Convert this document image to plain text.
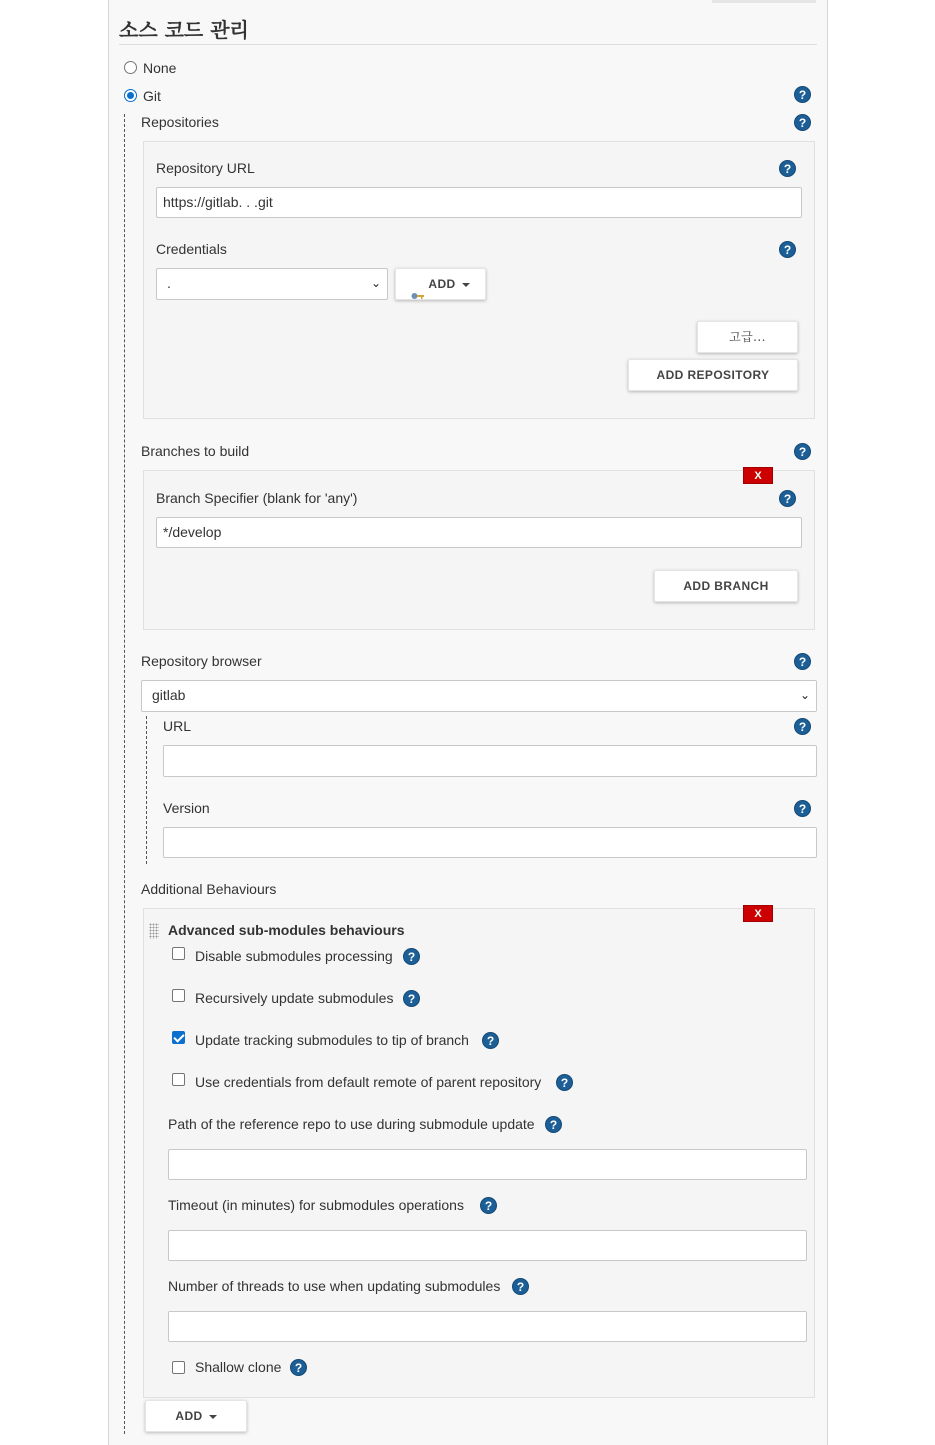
소스 코드 관리
None
Git	?
Repositories	?
Repository URL	?
https://gitlab. . .git
Credentials	?
.	⌄	ADD
고급...
ADD REPOSITORY
Branches to build	?
X
Branch Specifier (blank for 'any')	?
*/develop
ADD BRANCH
Repository browser	?
gitlab	⌄
URL	?
Version	?
Additional Behaviours
X
Advanced sub-modules behaviours
Disable submodules processing	?
Recursively update submodules	?
Update tracking submodules to tip of branch	?
Use credentials from default remote of parent repository	?
Path of the reference repo to use during submodule update	?
Timeout (in minutes) for submodules operations	?
Number of threads to use when updating submodules	?
Shallow clone	?
ADD
